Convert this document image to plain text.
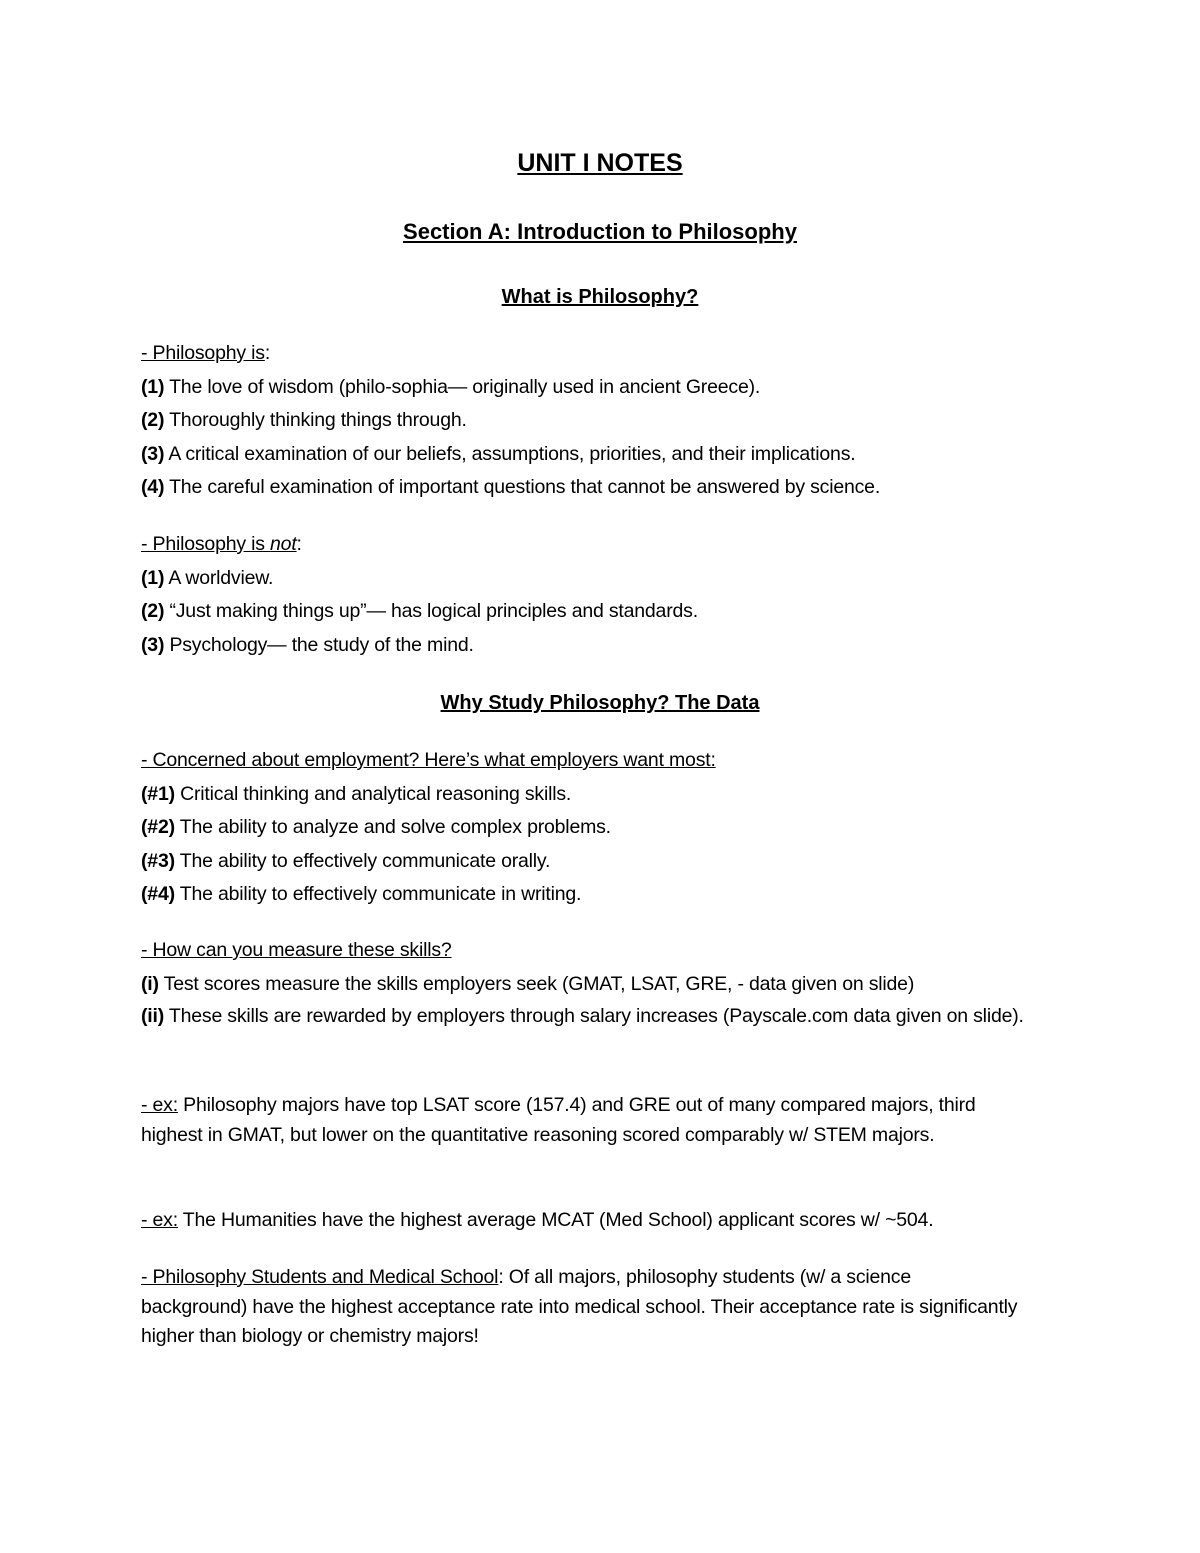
UNIT I NOTES
Section A: Introduction to Philosophy
What is Philosophy?
- Philosophy is:
(1) The love of wisdom (philo-sophia— originally used in ancient Greece).
(2) Thoroughly thinking things through.
(3) A critical examination of our beliefs, assumptions, priorities, and their implications.
(4) The careful examination of important questions that cannot be answered by science.
- Philosophy is not:
(1) A worldview.
(2) “Just making things up”— has logical principles and standards.
(3) Psychology— the study of the mind.
Why Study Philosophy? The Data
- Concerned about employment? Here’s what employers want most:
(#1) Critical thinking and analytical reasoning skills.
(#2) The ability to analyze and solve complex problems.
(#3) The ability to effectively communicate orally.
(#4) The ability to effectively communicate in writing.
- How can you measure these skills?
(i) Test scores measure the skills employers seek (GMAT, LSAT, GRE, - data given on slide)
(ii) These skills are rewarded by employers through salary increases (Payscale.com data given on slide).
- ex: Philosophy majors have top LSAT score (157.4) and GRE out of many compared majors, third highest in GMAT, but lower on the quantitative reasoning scored comparably w/ STEM majors.
- ex: The Humanities have the highest average MCAT (Med School) applicant scores w/ ~504.
- Philosophy Students and Medical School: Of all majors, philosophy students (w/ a science background) have the highest acceptance rate into medical school. Their acceptance rate is significantly higher than biology or chemistry majors!
